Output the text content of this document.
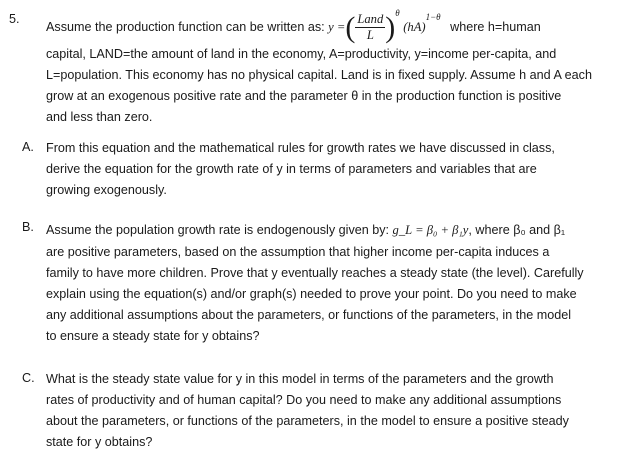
5.
Assume the production function can be written as: y =( $\frac{\text{Land}}{L} )^\theta$ (hA)$^{1-\theta}$ where h=human
capital, LAND=the amount of land in the economy, A=productivity, y=income per-capita, and
L=population. This economy has no physical capital. Land is in fixed supply. Assume h and A each
grow at an exogenous positive rate and the parameter θ in the production function is positive
and less than zero.
A. From this equation and the mathematical rules for growth rates we have discussed in class,
derive the equation for the growth rate of y in terms of parameters and variables that are
growing exogenously.
B. Assume the population growth rate is endogenously given by: g_L = β₀ + β₁y, where β₀ and β₁
are positive parameters, based on the assumption that higher income per-capita induces a
family to have more children. Prove that y eventually reaches a steady state (the level). Carefully
explain using the equation(s) and/or graph(s) needed to prove your point. Do you need to make
any additional assumptions about the parameters, or functions of the parameters, in the model
to ensure a steady state for y obtains?
C. What is the steady state value for y in this model in terms of the parameters and the growth
rates of productivity and of human capital? Do you need to make any additional assumptions
about the parameters, or functions of the parameters, in the model to ensure a positive steady
state for y obtains?
